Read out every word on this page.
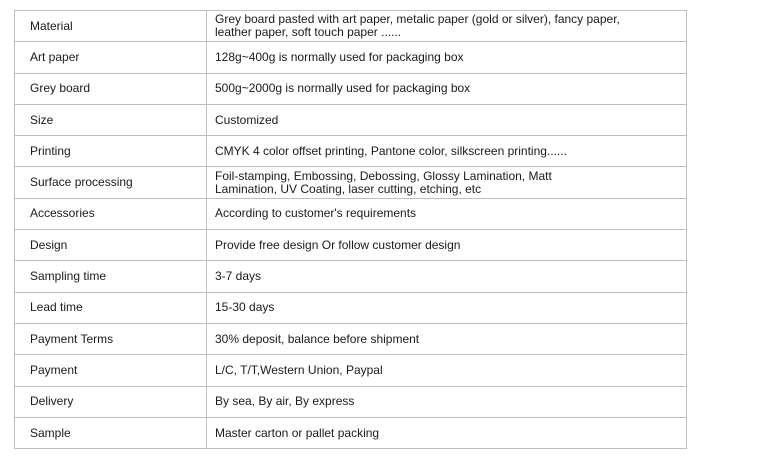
Material	Grey board pasted with art paper, metalic paper (gold or silver), fancy paper, leather paper, soft touch paper ......
Art paper	128g~400g is normally used for packaging box
Grey board	500g~2000g is normally used for packaging box
Size	Customized
Printing	CMYK 4 color offset printing, Pantone color, silkscreen printing......
Surface processing	Foil-stamping, Embossing, Debossing, Glossy Lamination, Matt Lamination, UV Coating, laser cutting, etching, etc
Accessories	According to customer's requirements
Design	Provide free design Or follow customer design
Sampling time	3-7 days
Lead time	15-30 days
Payment Terms	30% deposit, balance before shipment
Payment	L/C, T/T,Western Union, Paypal
Delivery	By sea, By air, By express
Sample	Master carton or pallet packing
